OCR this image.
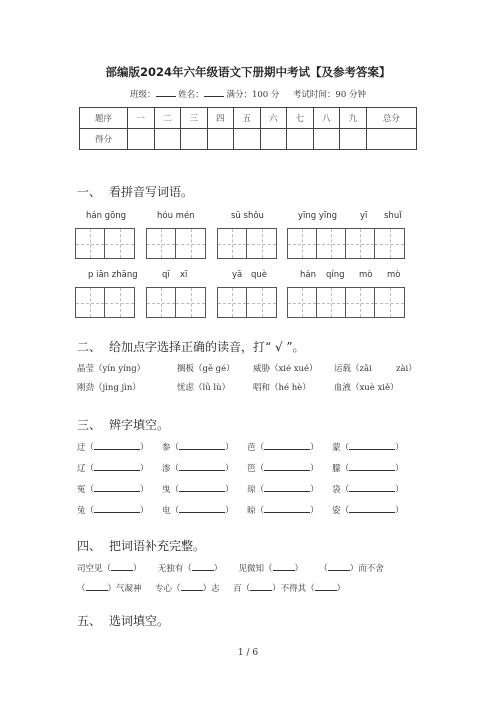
部编版2024年六年级语文下册期中考试【及参考答案】
班级：	姓名：	满分：100 分 考试时间：90 分钟
题序	一	二	三	四	五	六	七	八	九	总分
得分										
一、 看拼音写词语。
hán gōng	hóu mén	sū shǒu	yīng yīng	yī shuǐ
p iān zhāng	qī xī	yā què	hán qíng mò mò
二、 给加点字选择正确的读音，打“ √ ”。
晶莹（yín yíng）	搁板（gē gé） 威胁（xié xué） 运载（zǎi	zài）
刚劲（jìng jìn）	忧虑（lǜ lù）	唱和（hé hè）	血液（xuè xiě）
三、 辨字填空。
迂（	） 参（	） 芭（	） 蒙（	）
辽（	） 渗（	） 笆（	） 朦（	）
冤（	） 曳（	） 琼（	） 袋（	）
兔（	） 电（	） 晾（	） 姿（	）
四、 把词语补充完整。
司空见（	） 无独有（	） 见微知（	） （	）而不舍
（	）气凝神 专心（	）志 百（	）不得其（	）
五、 选词填空。
1 / 6
